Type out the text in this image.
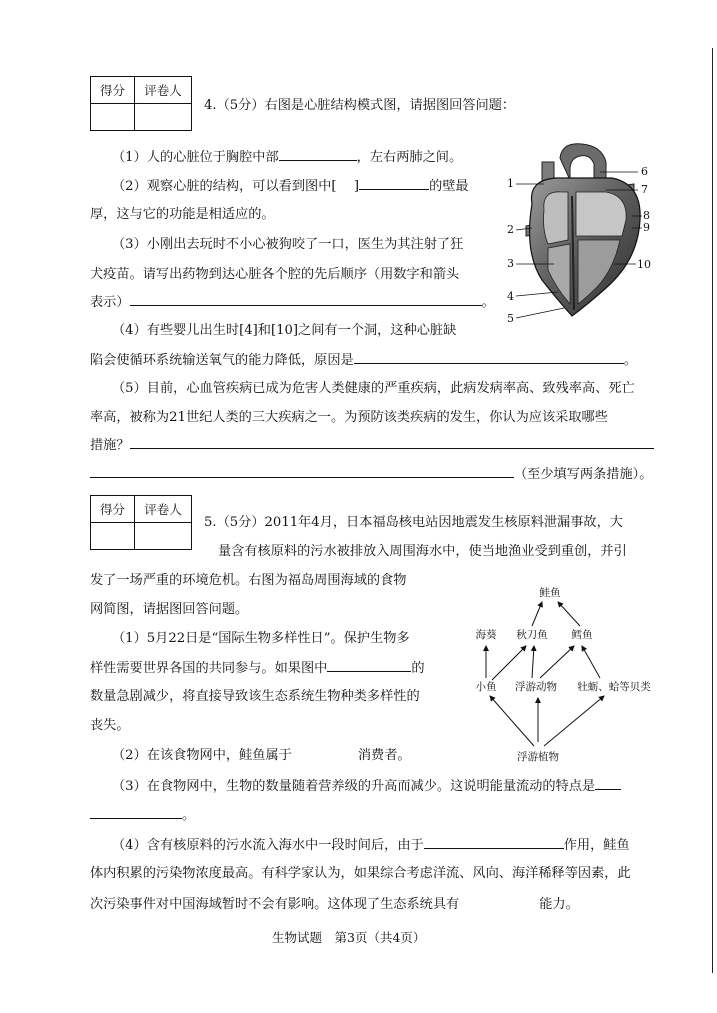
得分	评卷人

4.（5分）右图是心脏结构模式图，请据图回答问题：
（1）人的心脏位于胸腔中部	，左右两肺之间。
（2）观察心脏的结构，可以看到图中[　 ]	的壁最
厚，这与它的功能是相适应的。
（3）小刚出去玩时不小心被狗咬了一口，医生为其注射了狂
犬疫苗。请写出药物到达心脏各个腔的先后顺序（用数字和箭头
表示）	。
（4）有些婴儿出生时[4]和[10]之间有一个洞，这种心脏缺
陷会使循环系统输送氧气的能力降低，原因是	。
（5）目前，心血管疾病已成为危害人类健康的严重疾病，此病发病率高、致残率高、死亡
率高，被称为21世纪人类的三大疾病之一。为预防该类疾病的发生，你认为应该采取哪些
措施？
（至少填写两条措施）。
1
2
3
4
5
6
7
8
9
10
得分	评卷人

5.（5分）2011年4月，日本福岛核电站因地震发生核原料泄漏事故，大
量含有核原料的污水被排放入周围海水中，使当地渔业受到重创，并引
发了一场严重的环境危机。右图为福岛周围海域的食物
网简图，请据图回答问题。
（1）5月22日是“国际生物多样性日”。保护生物多
样性需要世界各国的共同参与。如果图中	的
数量急剧减少，将直接导致该生态系统生物种类多样性的
丧失。
（2）在该食物网中，鲑鱼属于	消费者。
鲑鱼
海葵 秋刀鱼 鳕鱼
小鱼 浮游动物 牡蛎、蛤等贝类
浮游植物
（3）在食物网中，生物的数量随着营养级的升高而减少。这说明能量流动的特点是
。
（4）含有核原料的污水流入海水中一段时间后，由于	作用，鲑鱼
体内积累的污染物浓度最高。有科学家认为，如果综合考虑洋流、风向、海洋稀释等因素，此
次污染事件对中国海域暂时不会有影响。这体现了生态系统具有	能力。
生物试题　第3页（共4页）
